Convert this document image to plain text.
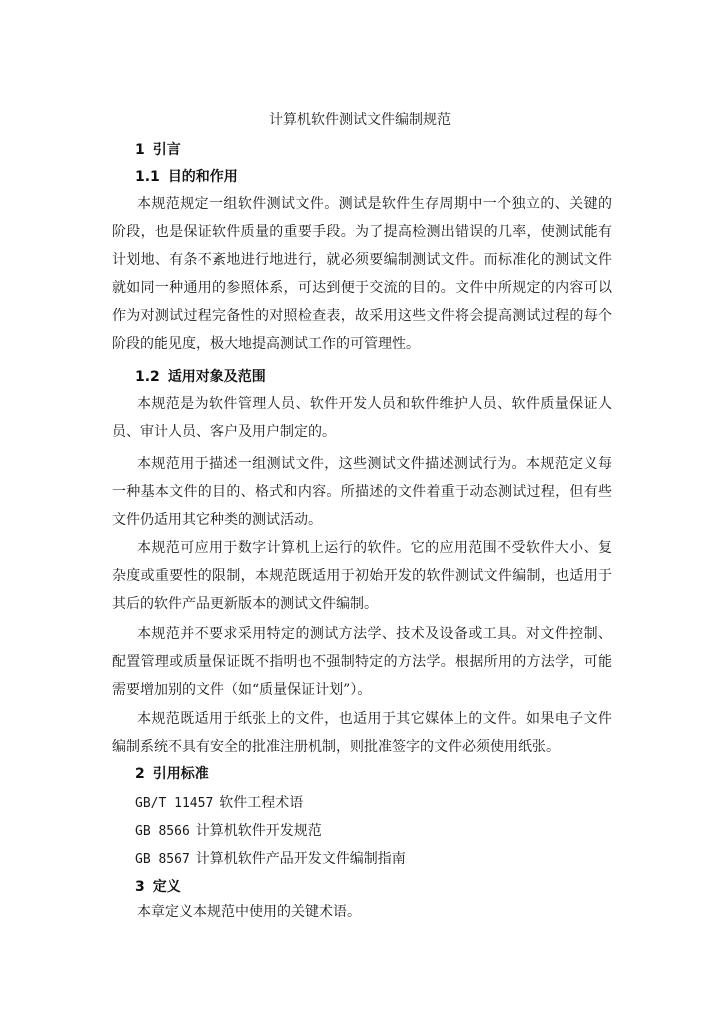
计算机软件测试文件编制规范
1 引言
1.1 目的和作用
本规范规定一组软件测试文件。测试是软件生存周期中一个独立的、关键的阶段，也是保证软件质量的重要手段。为了提高检测出错误的几率，使测试能有计划地、有条不紊地进行地进行，就必须要编制测试文件。而标准化的测试文件就如同一种通用的参照体系，可达到便于交流的目的。文件中所规定的内容可以作为对测试过程完备性的对照检查表，故采用这些文件将会提高测试过程的每个阶段的能见度，极大地提高测试工作的可管理性。
1.2 适用对象及范围
本规范是为软件管理人员、软件开发人员和软件维护人员、软件质量保证人员、审计人员、客户及用户制定的。
本规范用于描述一组测试文件，这些测试文件描述测试行为。本规范定义每一种基本文件的目的、格式和内容。所描述的文件着重于动态测试过程，但有些文件仍适用其它种类的测试活动。
本规范可应用于数字计算机上运行的软件。它的应用范围不受软件大小、复杂度或重要性的限制，本规范既适用于初始开发的软件测试文件编制，也适用于其后的软件产品更新版本的测试文件编制。
本规范并不要求采用特定的测试方法学、技术及设备或工具。对文件控制、配置管理或质量保证既不指明也不强制特定的方法学。根据所用的方法学，可能需要增加别的文件（如“质量保证计划”）。
本规范既适用于纸张上的文件，也适用于其它媒体上的文件。如果电子文件编制系统不具有安全的批准注册机制，则批准签字的文件必须使用纸张。
2 引用标准
GB/T 11457 软件工程术语
GB 8566 计算机软件开发规范
GB 8567 计算机软件产品开发文件编制指南
3 定义
本章定义本规范中使用的关键术语。
